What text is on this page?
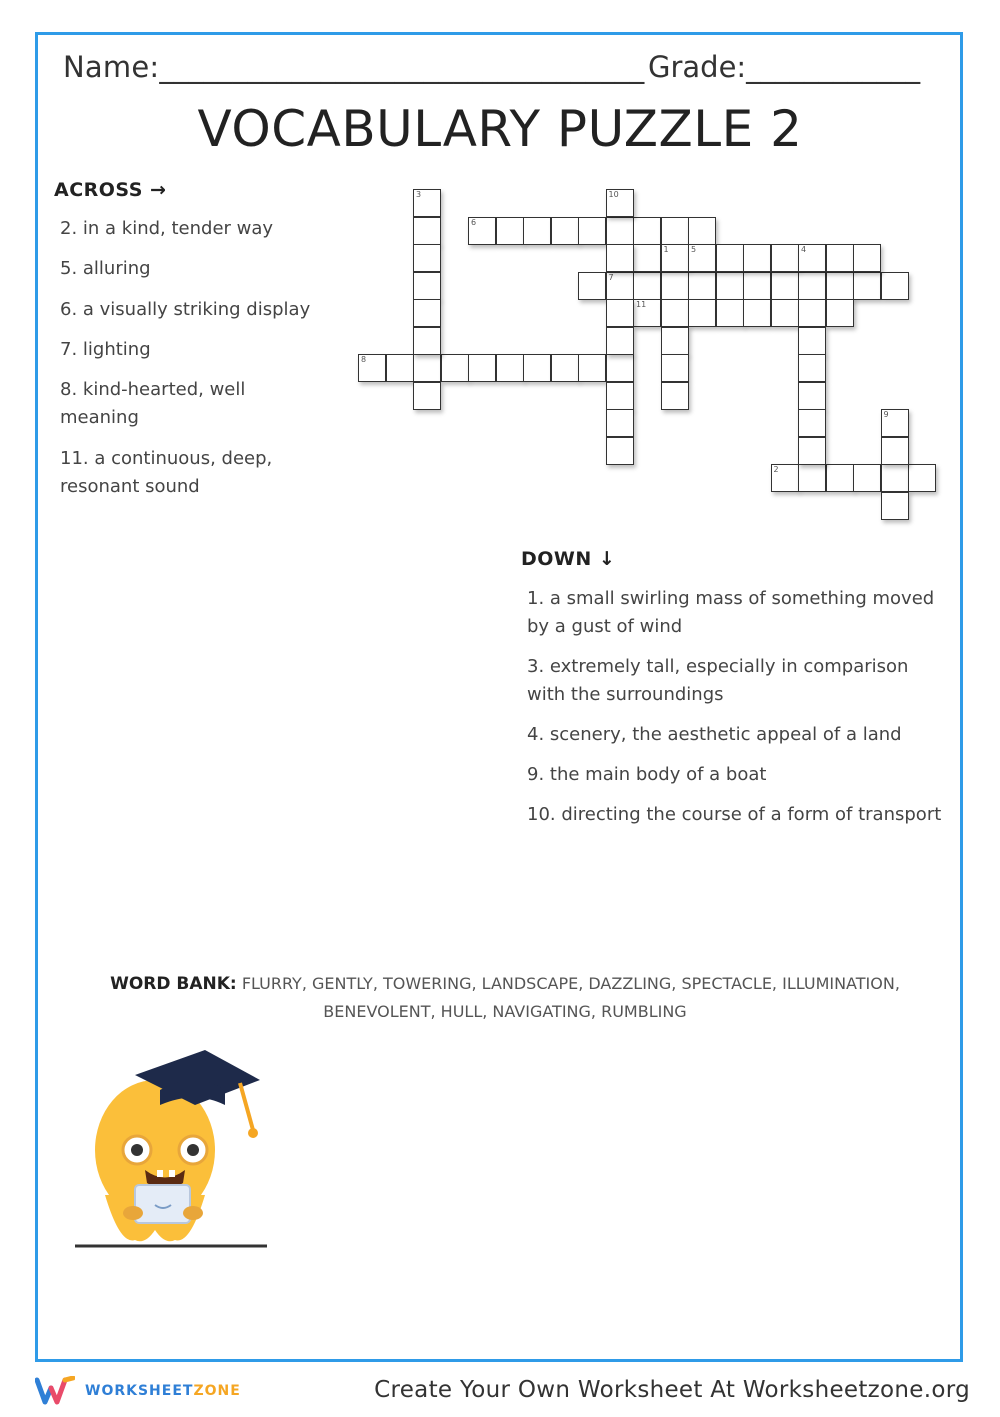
Name:_________________________________ Grade:____________
VOCABULARY PUZZLE 2
ACROSS →
2. in a kind, tender way
5. alluring
6. a visually striking display
7. lighting
8. kind-hearted, well meaning
11. a continuous, deep, resonant sound
6
7
1	5	4
11
8
2
3	10
9
DOWN ↓
1. a small swirling mass of something moved by a gust of wind
3. extremely tall, especially in comparison with the surroundings
4. scenery, the aesthetic appeal of a land
9. the main body of a boat
10. directing the course of a form of transport
WORD BANK: FLURRY, GENTLY, TOWERING, LANDSCAPE, DAZZLING, SPECTACLE, ILLUMINATION, BENEVOLENT, HULL, NAVIGATING, RUMBLING
WORKSHEETZONE	Create Your Own Worksheet At Worksheetzone.org
